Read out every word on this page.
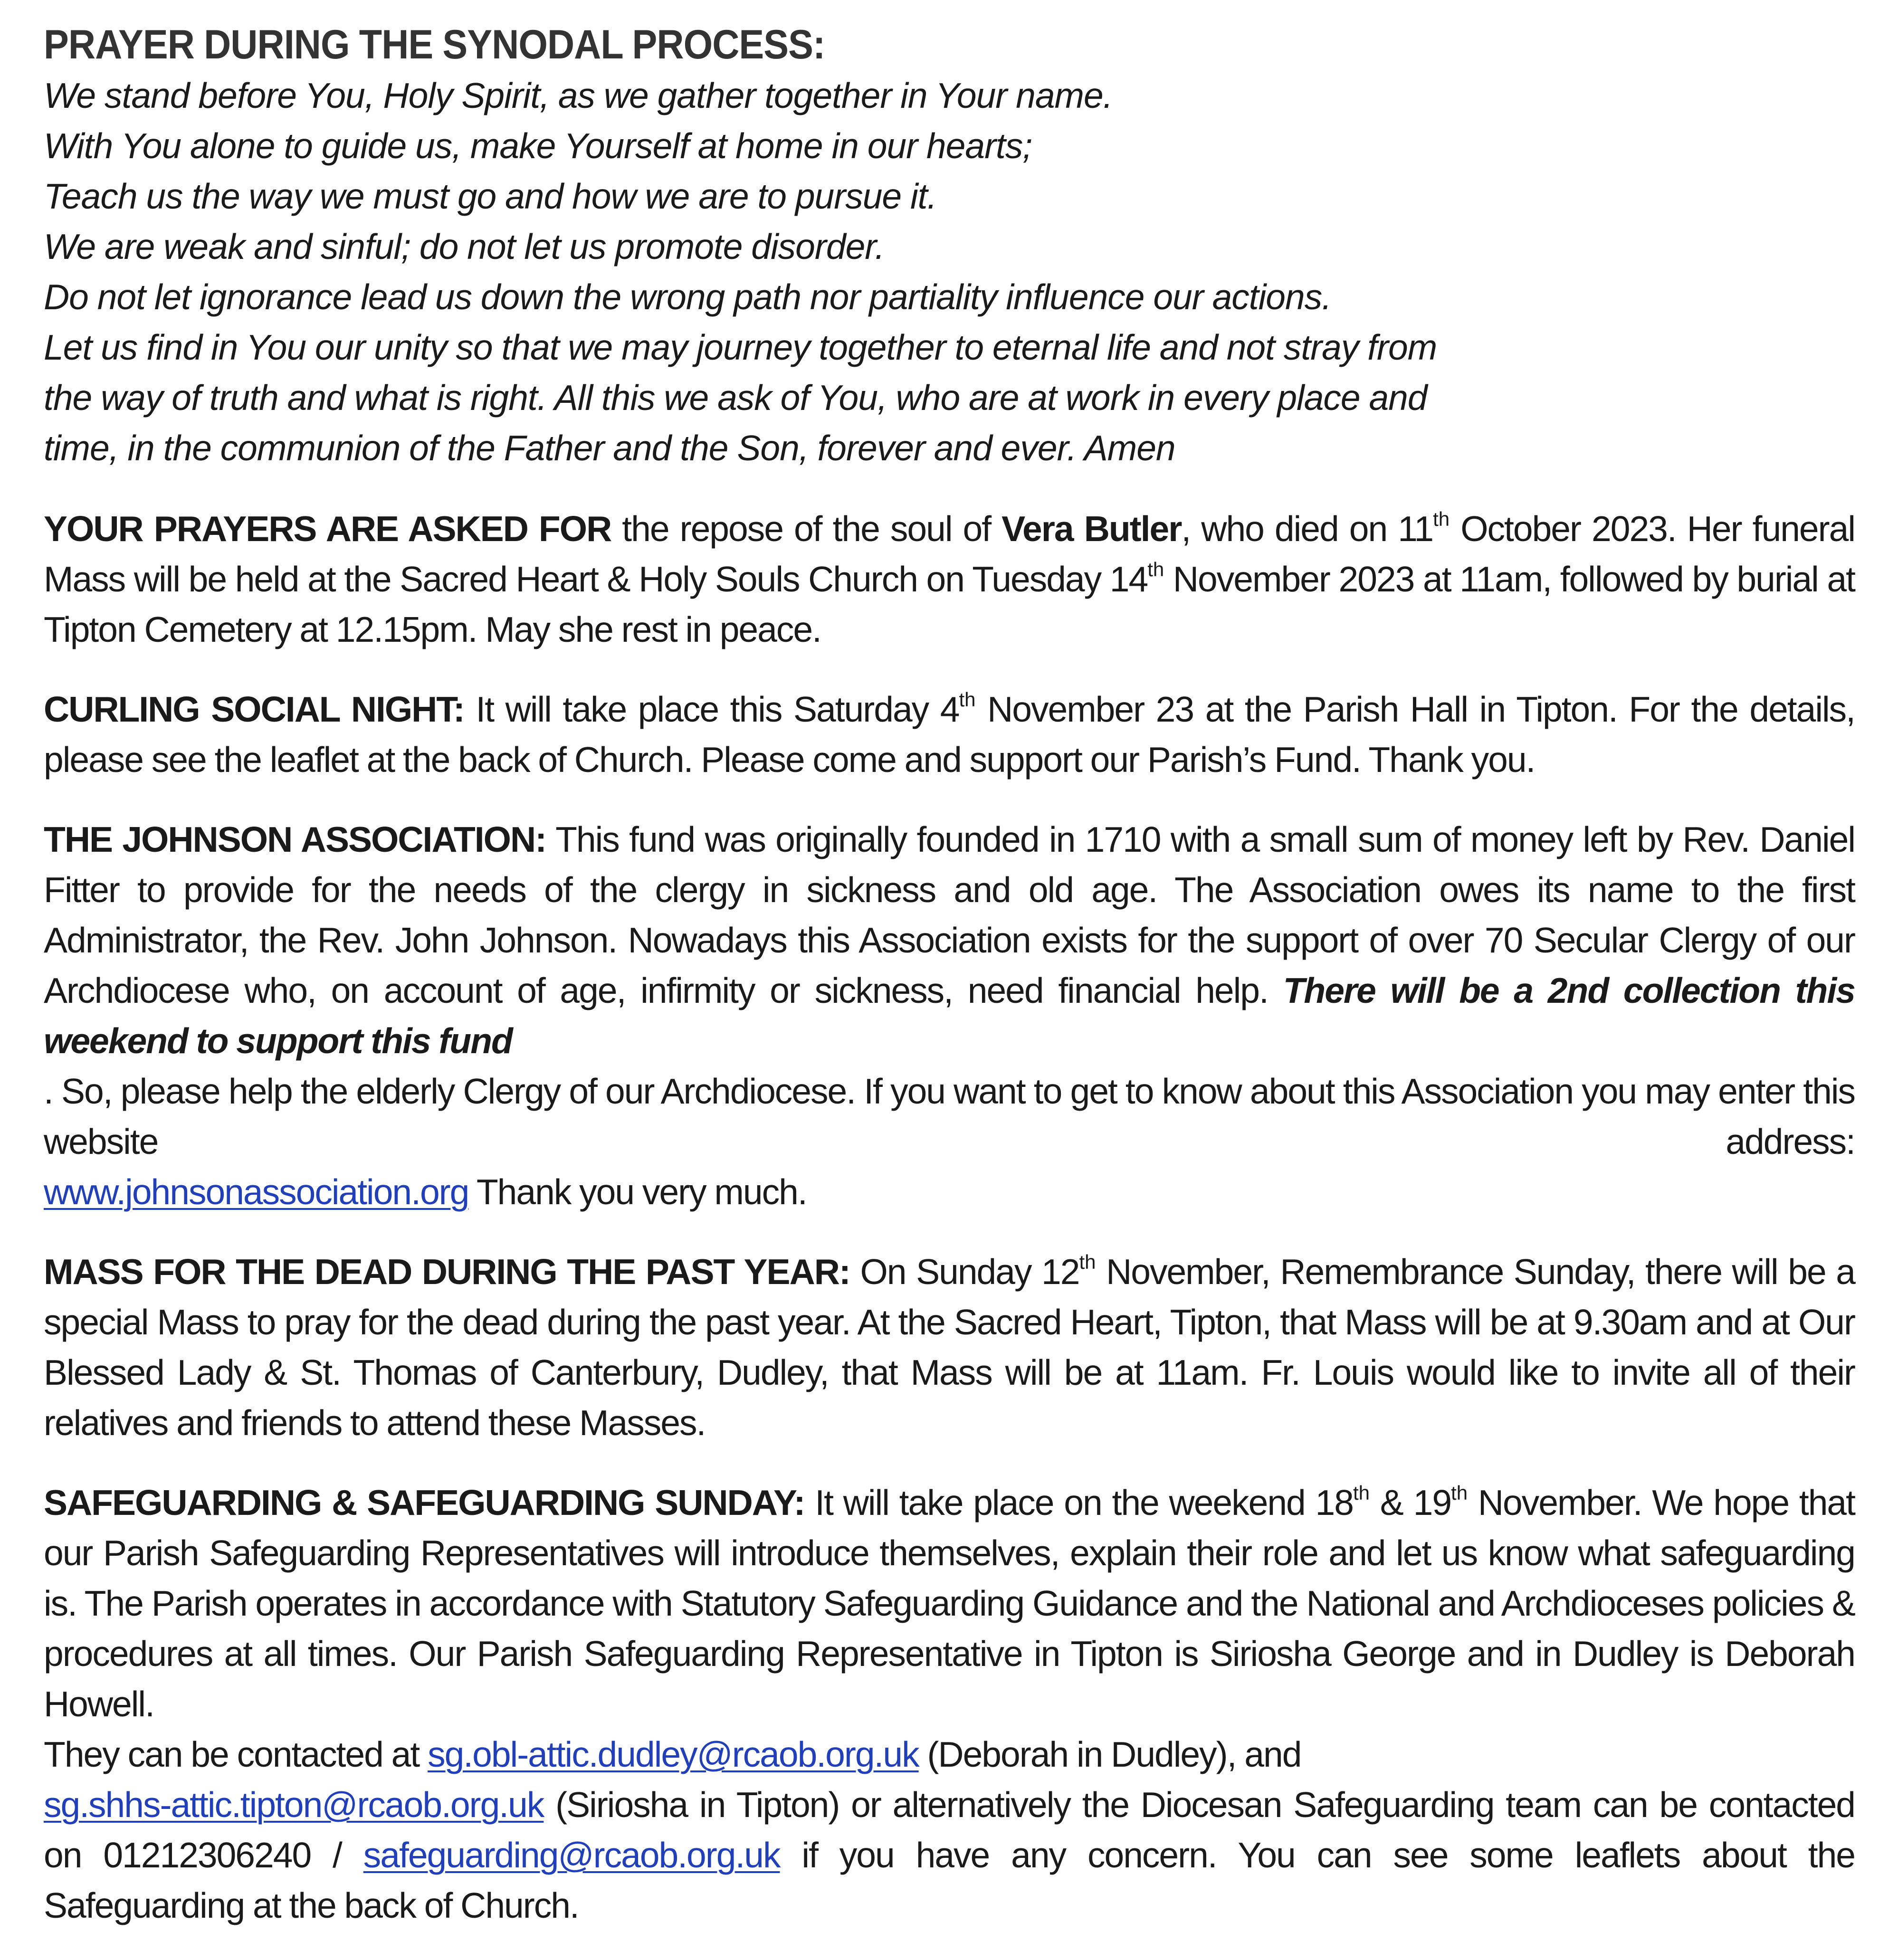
PRAYER DURING THE SYNODAL PROCESS:

We stand before You, Holy Spirit, as we gather together in Your name.

With You alone to guide us, make Yourself at home in our hearts;

Teach us the way we must go and how we are to pursue it.

We are weak and sinful; do not let us promote disorder.

Do not let ignorance lead us down the wrong path nor partiality influence our actions.

Let us find in You our unity so that we may journey together to eternal life and not stray from

the way of truth and what is right. All this we ask of You, who are at work in every place and

time, in the communion of the Father and the Son, forever and ever. Amen

YOUR PRAYERS ARE ASKED FOR the repose of the soul of Vera Butler, who died on 11th October 2023. Her funeral Mass will be held at the Sacred Heart & Holy Souls Church on Tuesday 14th November 2023 at 11am, followed by burial at Tipton Cemetery at 12.15pm. May she rest in peace.

CURLING SOCIAL NIGHT: It will take place this Saturday 4th November 23 at the Parish Hall in Tipton. For the details, please see the leaflet at the back of Church. Please come and support our Parish’s Fund. Thank you.

THE JOHNSON ASSOCIATION: This fund was originally founded in 1710 with a small sum of money left by Rev. Daniel Fitter to provide for the needs of the clergy in sickness and old age. The Association owes its name to the first Administrator, the Rev. John Johnson. Nowadays this Association exists for the support of over 70 Secular Clergy of our Archdiocese who, on account of age, infirmity or sickness, need financial help. There will be a 2nd collection this weekend to support this fund
. So, please help the elderly Clergy of our Archdiocese. If you want to get to know about this Association you may enter this website address:
www.johnsonassociation.org Thank you very much.

MASS FOR THE DEAD DURING THE PAST YEAR: On Sunday 12th November, Remembrance Sunday, there will be a special Mass to pray for the dead during the past year. At the Sacred Heart, Tipton, that Mass will be at 9.30am and at Our Blessed Lady & St. Thomas of Canterbury, Dudley, that Mass will be at 11am. Fr. Louis would like to invite all of their relatives and friends to attend these Masses.

SAFEGUARDING & SAFEGUARDING SUNDAY: It will take place on the weekend 18th & 19th November. We hope that our Parish Safeguarding Representatives will introduce themselves, explain their role and let us know what safeguarding is. The Parish operates in accordance with Statutory Safeguarding Guidance and the National and Archdioceses policies & procedures at all times. Our Parish Safeguarding Representative in Tipton is Siriosha George and in Dudley is Deborah Howell.
They can be contacted at sg.obl-attic.dudley@rcaob.org.uk (Deborah in Dudley), and
sg.shhs-attic.tipton@rcaob.org.uk (Siriosha in Tipton) or alternatively the Diocesan Safeguarding team can be contacted on 01212306240 / safeguarding@rcaob.org.uk if you have any concern. You can see some leaflets about the Safeguarding at the back of Church.
